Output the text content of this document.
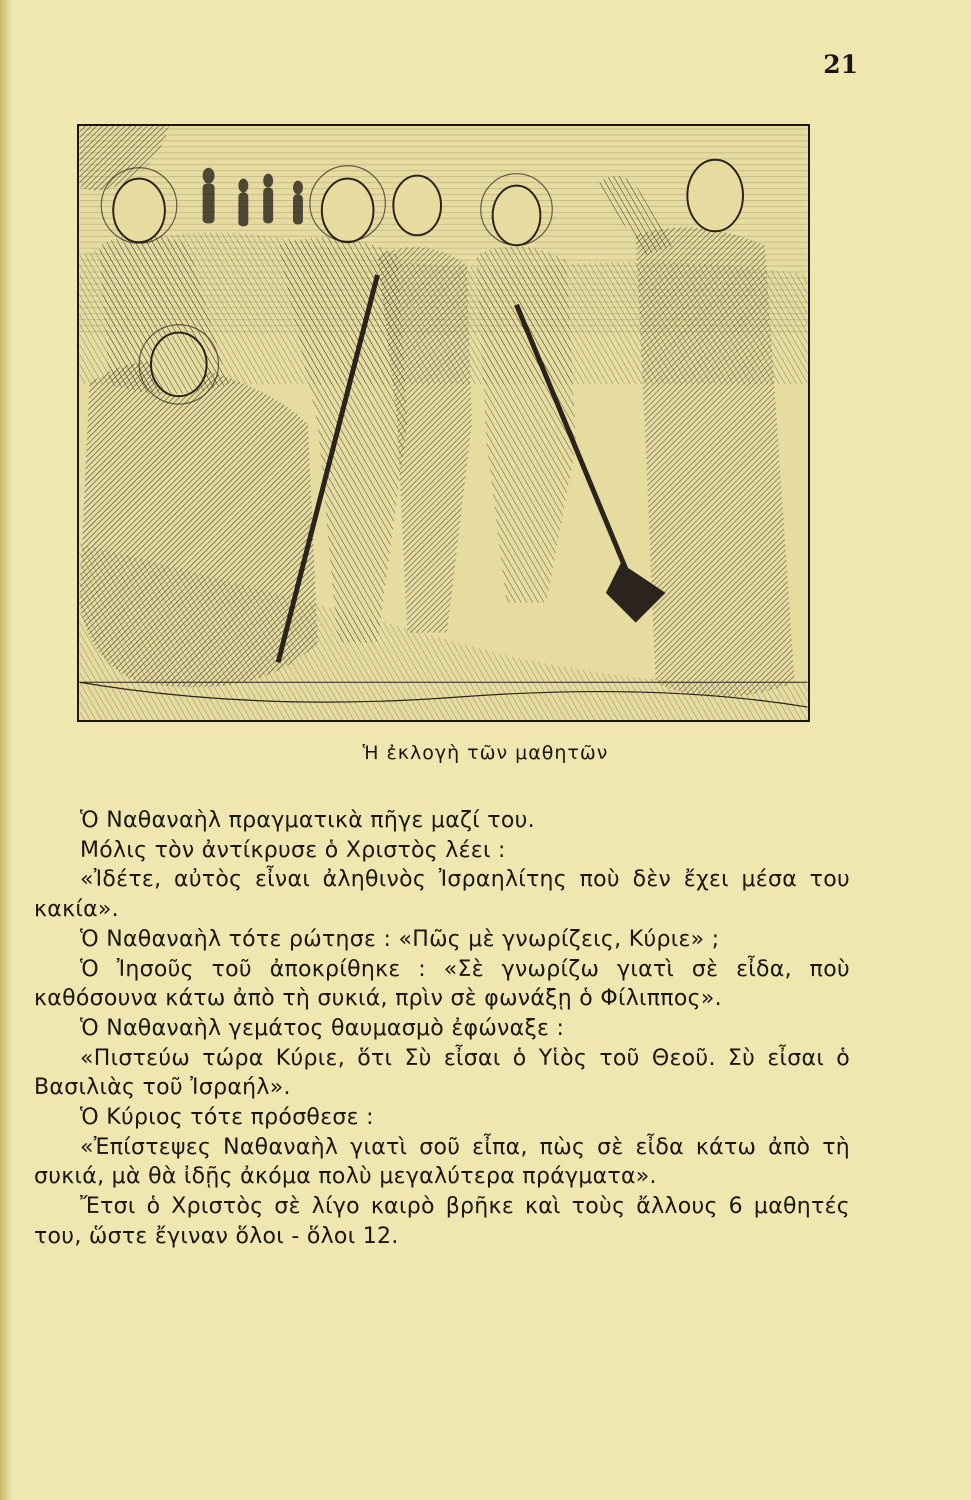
21
Ἡ ἐκλογὴ τῶν μαθητῶν

Ὁ Ναθαναὴλ πραγματικὰ πῆγε μαζί του.

Μόλις τὸν ἀντίκρυσε ὁ Χριστὸς λέει :

«Ἰδέτε, αὐτὸς εἶναι ἀληθινὸς Ἰσραηλίτης ποὺ δὲν ἔχει μέσα του κακία».

Ὁ Ναθαναὴλ τότε ρώτησε : «Πῶς μὲ γνωρίζεις, Κύριε» ;

Ὁ Ἰησοῦς τοῦ ἀποκρίθηκε : «Σὲ γνωρίζω γιατὶ σὲ εἶδα, ποὺ καθόσουνα κάτω ἀπὸ τὴ συκιά, πρὶν σὲ φωνάξῃ ὁ Φίλιππος».

Ὁ Ναθαναὴλ γεμάτος θαυμασμὸ ἐφώναξε :

«Πιστεύω τώρα Κύριε, ὅτι Σὺ εἶσαι ὁ Υἱὸς τοῦ Θεοῦ. Σὺ εἶσαι ὁ Βασιλιὰς τοῦ Ἰσραήλ».

Ὁ Κύριος τότε πρόσθεσε :

«Ἐπίστεψες Ναθαναὴλ γιατὶ σοῦ εἶπα, πὼς σὲ εἶδα κάτω ἀπὸ τὴ συκιά, μὰ θὰ ἰδῇς ἀκόμα πολὺ μεγαλύτερα πράγματα».

Ἔτσι ὁ Χριστὸς σὲ λίγο καιρὸ βρῆκε καὶ τοὺς ἄλλους 6 μαθητές του, ὥστε ἔγιναν ὅλοι - ὅλοι 12.
